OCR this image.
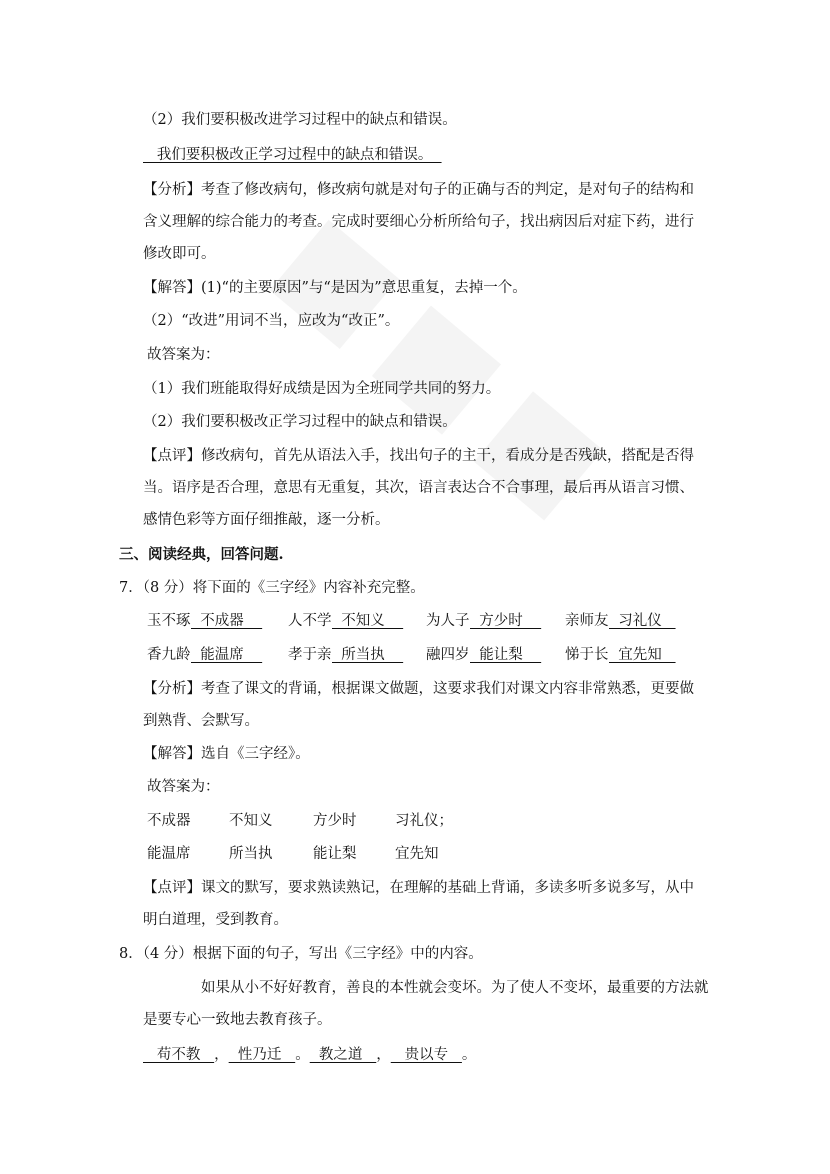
（2）我们要积极改进学习过程中的缺点和错误。
我们要积极改正学习过程中的缺点和错误。
【分析】考查了修改病句，修改病句就是对句子的正确与否的判定，是对句子的结构和
含义理解的综合能力的考查。完成时要细心分析所给句子，找出病因后对症下药，进行
修改即可。
【解答】(1)“的主要原因”与“是因为”意思重复，去掉一个。
（2）“改进”用词不当，应改为“改正”。
故答案为：
（1）我们班能取得好成绩是因为全班同学共同的努力。
（2）我们要积极改正学习过程中的缺点和错误。
【点评】修改病句，首先从语法入手，找出句子的主干，看成分是否残缺，搭配是否得
当。语序是否合理，意思有无重复，其次，语言表达合不合事理，最后再从语言习惯、
感情色彩等方面仔细推敲，逐一分析。
三、阅读经典，回答问题.
7．（8 分）将下面的《三字经》内容补充完整。
玉不琢 不成器 人不学 不知义 为人子 方少时 亲师友 习礼仪
香九龄 能温席 孝于亲 所当执 融四岁 能让梨 悌于长 宜先知
【分析】考查了课文的背诵，根据课文做题，这要求我们对课文内容非常熟悉，更要做
到熟背、会默写。
【解答】选自《三字经》。
故答案为：
不成器	不知义	方少时	习礼仪；
能温席	所当执	能让梨	宜先知
【点评】课文的默写，要求熟读熟记，在理解的基础上背诵，多读多听多说多写，从中
明白道理，受到教育。
8．（4 分）根据下面的句子，写出《三字经》中的内容。
如果从小不好好教育，善良的本性就会变坏。为了使人不变坏，最重要的方法就
是要专心一致地去教育孩子。
苟不教   ，  性乃迁   。  教之道   ，   贵以专   。
